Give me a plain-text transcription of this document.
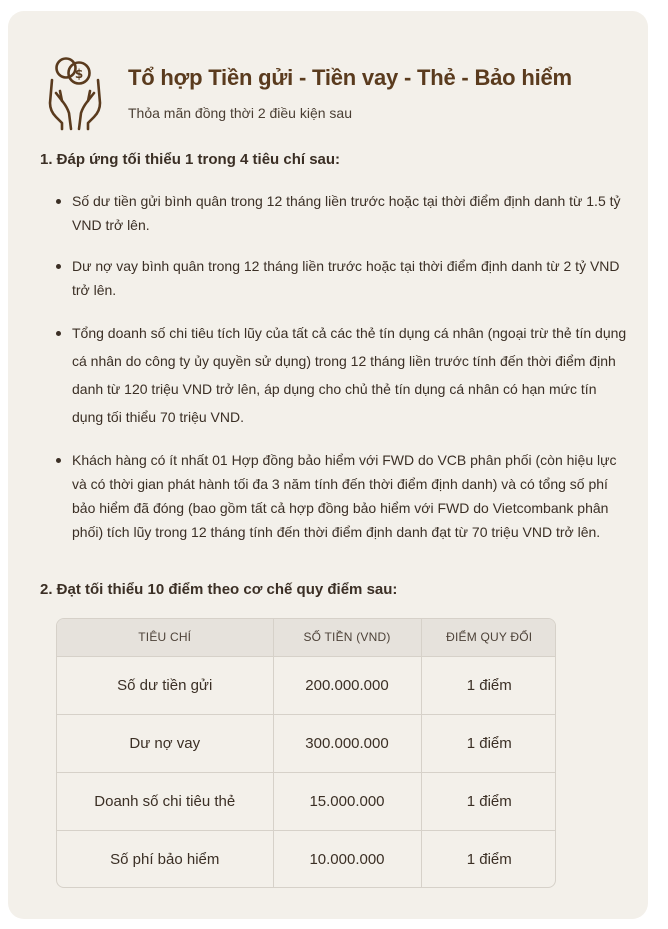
$ Tổ hợp Tiền gửi - Tiền vay - Thẻ - Bảo hiểm
Thỏa mãn đồng thời 2 điều kiện sau
1. Đáp ứng tối thiểu 1 trong 4 tiêu chí sau:
Số dư tiền gửi bình quân trong 12 tháng liền trước hoặc tại thời điểm định danh từ 1.5 tỷ VND trở lên.
Dư nợ vay bình quân trong 12 tháng liền trước hoặc tại thời điểm định danh từ 2 tỷ VND trở lên.
Tổng doanh số chi tiêu tích lũy của tất cả các thẻ tín dụng cá nhân (ngoại trừ thẻ tín dụng cá nhân do công ty ủy quyền sử dụng) trong 12 tháng liền trước tính đến thời điểm định danh từ 120 triệu VND trở lên, áp dụng cho chủ thẻ tín dụng cá nhân có hạn mức tín dụng tối thiểu 70 triệu VND.
Khách hàng có ít nhất 01 Hợp đồng bảo hiểm với FWD do VCB phân phối (còn hiệu lực và có thời gian phát hành tối đa 3 năm tính đến thời điểm định danh) và có tổng số phí bảo hiểm đã đóng (bao gồm tất cả hợp đồng bảo hiểm với FWD do Vietcombank phân phối) tích lũy trong 12 tháng tính đến thời điểm định danh đạt từ 70 triệu VND trở lên.
2. Đạt tối thiểu 10 điểm theo cơ chế quy điểm sau:
TIÊU CHÍ	SỐ TIỀN (VND)	ĐIỂM QUY ĐỔI
Số dư tiền gửi	200.000.000	1 điểm
Dư nợ vay	300.000.000	1 điểm
Doanh số chi tiêu thẻ	15.000.000	1 điểm
Số phí bảo hiểm	10.000.000	1 điểm
